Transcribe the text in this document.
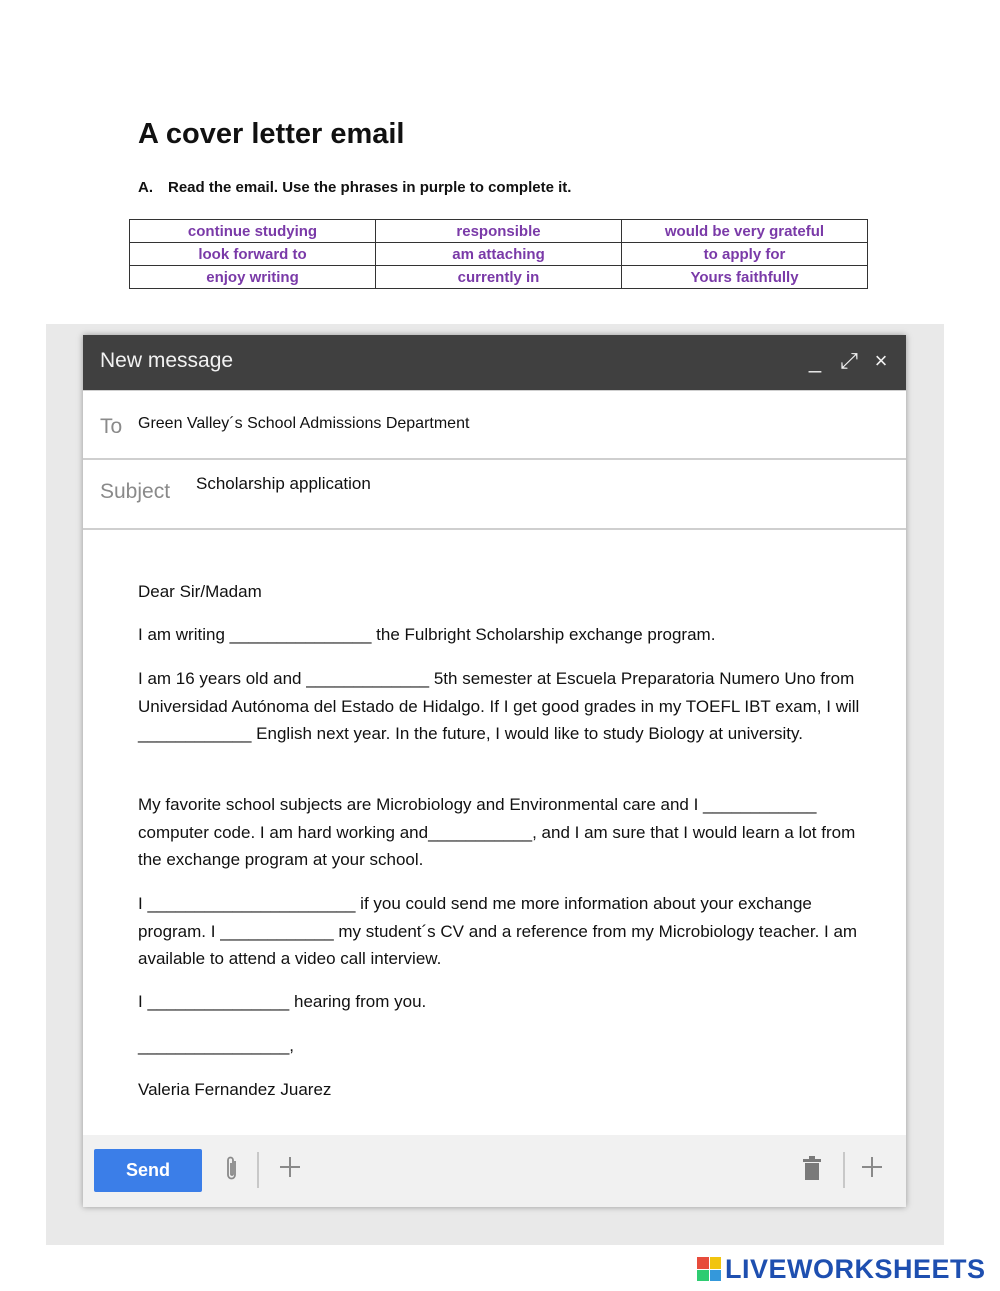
A cover letter email
A. Read the email. Use the phrases in purple to complete it.
continue studying	responsible	would be very grateful
look forward to	am attaching	to apply for
enjoy writing	currently in	Yours faithfully
New message	_ ⤢ ×
To Green Valley´s School Admissions Department
Subject Scholarship application
Dear Sir/Madam
I am writing _______________ the Fulbright Scholarship exchange program.
I am 16 years old and _____________ 5th semester at Escuela Preparatoria Numero Uno from Universidad Autónoma del Estado de Hidalgo. If I get good grades in my TOEFL IBT exam, I will ____________ English next year. In the future, I would like to study Biology at university.
My favorite school subjects are Microbiology and Environmental care and I ____________ computer code. I am hard working and___________, and I am sure that I would learn a lot from the exchange program at your school.
I ______________________ if you could send me more information about your exchange program. I ____________ my student´s CV and a reference from my Microbiology teacher. I am available to attend a video call interview.
I _______________ hearing from you.
________________,
Valeria Fernandez Juarez
Send
LIVEWORKSHEETS
